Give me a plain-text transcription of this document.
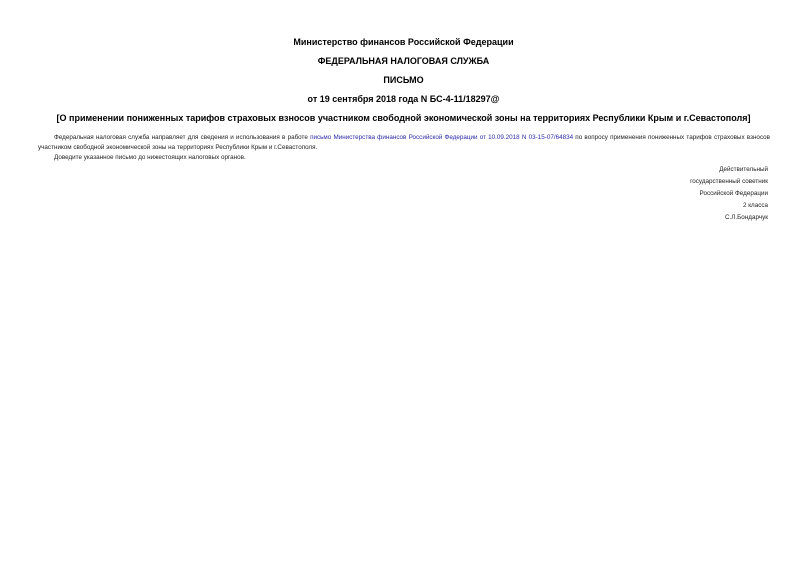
Министерство финансов Российской Федерации
ФЕДЕРАЛЬНАЯ НАЛОГОВАЯ СЛУЖБА
ПИСЬМО
от 19 сентября 2018 года N БС-4-11/18297@
[О применении пониженных тарифов страховых взносов участником свободной экономической зоны на территориях Республики Крым и г.Севастополя]

Федеральная налоговая служба направляет для сведения и использования в работе письмо Министерства финансов Российской Федерации от 10.09.2018 N 03-15-07/64834 по вопросу применения пониженных тарифов страховых взносов участником свободной экономической зоны на территориях Республики Крым и г.Севастополя.

Доведите указанное письмо до нижестоящих налоговых органов.

Действительный
государственный советник
Российской Федерации
2 класса
С.Л.Бондарчук
